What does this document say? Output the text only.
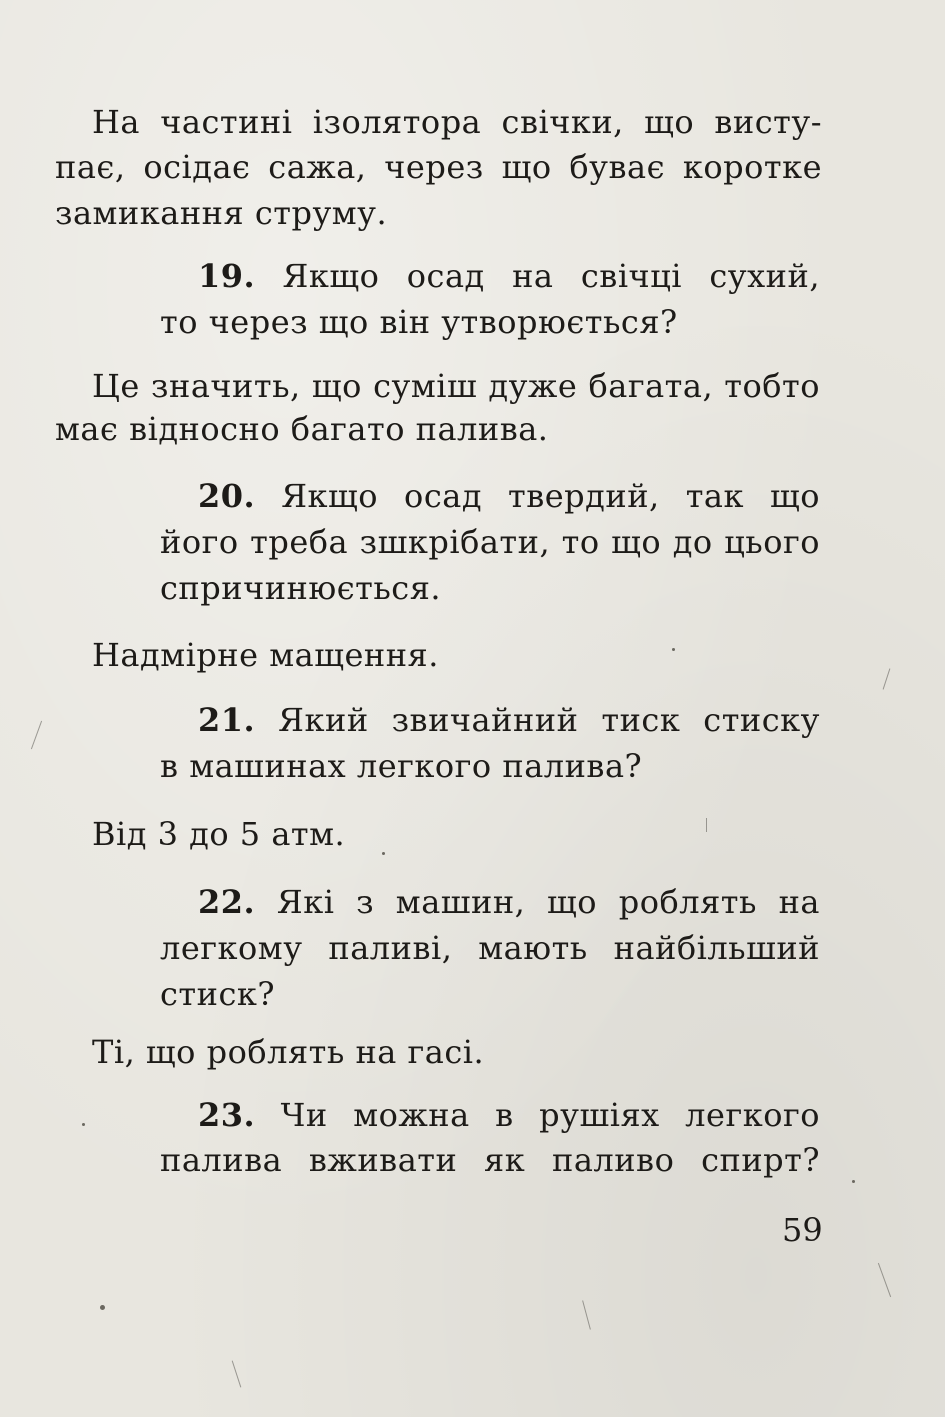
На частині ізолятора свічки, що висту-
пає, осідає сажа, через що буває коротке
замикання струму.
19. Якщо осад на свічці сухий,
то через що він утворюється?
Це значить, що суміш дуже багата, тобто
має відносно багато палива.
20. Якщо осад твердий, так що
його треба зшкрібати, то що до цього
спричинюється.
Надмірне мащення.
21. Який звичайний тиск стиску
в машинах легкого палива?
Від 3 до 5 атм.
22. Які з машин, що роблять на
легкому паливі, мають найбільший
стиск?
Ті, що роблять на гасі.
23. Чи можна в рушіях легкого
палива вживати як паливо спирт?
59
